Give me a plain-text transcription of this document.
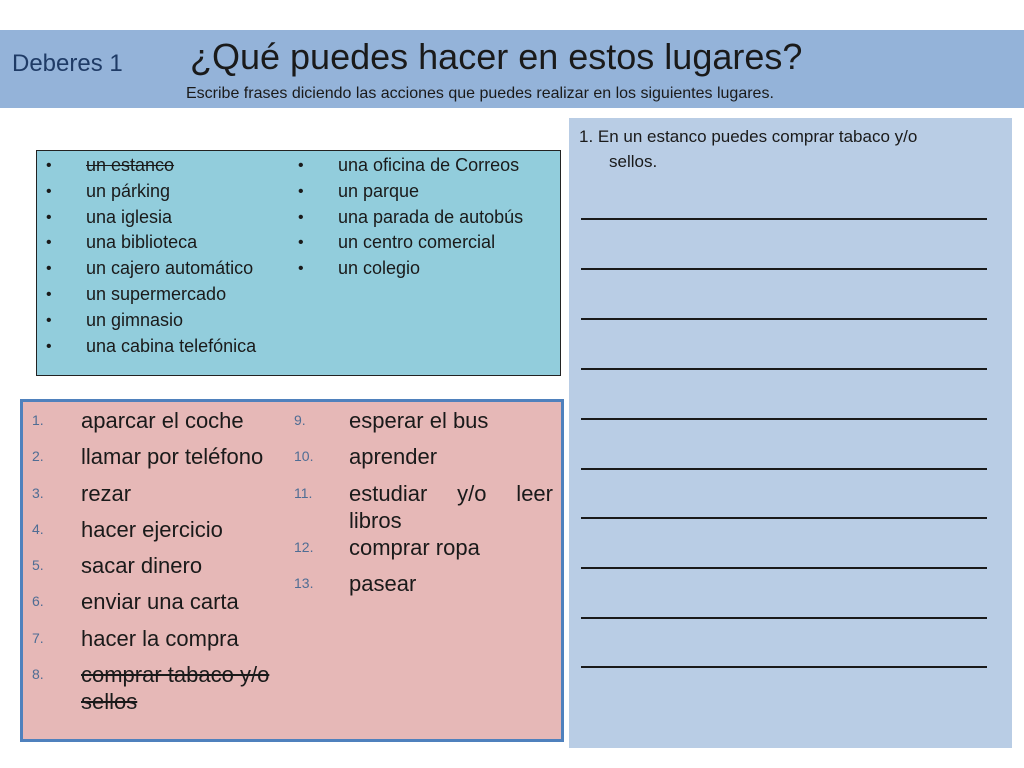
Deberes 1 ¿Qué puedes hacer en estos lugares?
Escribe frases diciendo las acciones que puedes realizar en los siguientes lugares.
• un estanco
• un párking
• una iglesia
• una biblioteca
• un cajero automático
• un supermercado
• un gimnasio
• una cabina telefónica
• una oficina de Correos
• un parque
• una parada de autobús
• un centro comercial
• un colegio
1. aparcar el coche
2. llamar por teléfono
3. rezar
4. hacer ejercicio
5. sacar dinero
6. enviar una carta
7. hacer la compra
8. comprar tabaco y/o sellos
9. esperar el bus
10. aprender
11. estudiar y/o leer libros
12. comprar ropa
13. pasear
1. En un estanco puedes comprar tabaco y/o
sellos.
